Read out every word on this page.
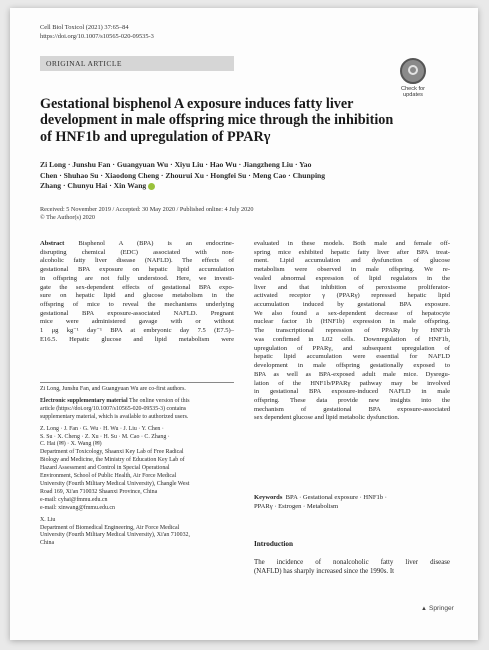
Cell Biol Toxicol (2021) 37:65–84
https://doi.org/10.1007/s10565-020-09535-3
ORIGINAL ARTICLE
Check for
updates
Gestational bisphenol A exposure induces fatty liver
development in male offspring mice through the inhibition
of HNF1b and upregulation of PPARγ
Zi Long · Junshu Fan · Guangyuan Wu · Xiyu Liu · Hao Wu · Jiangzheng Liu · Yao
Chen · Shuhao Su · Xiaodong Cheng · Zhourui Xu · Hongfei Su · Meng Cao · Chunping
Zhang · Chunyu Hai · Xin Wang
Received: 5 November 2019 / Accepted: 30 May 2020 / Published online: 4 July 2020
© The Author(s) 2020
Abstract Bisphenol A (BPA) is an endocrine-
disrupting chemical (EDC) associated with non-
alcoholic fatty liver disease (NAFLD). The effects of
gestational BPA exposure on hepatic lipid accumulation
in offspring are not fully understood. Here, we investi-
gate the sex-dependent effects of gestational BPA expo-
sure on hepatic lipid and glucose metabolism in the
offspring of mice to reveal the mechanisms underlying
gestational BPA exposure-associated NAFLD. Pregnant
mice were administered gavage with or without
1 μg kg⁻¹ day⁻¹ BPA at embryonic day 7.5 (E7.5)–
E16.5. Hepatic glucose and lipid metabolism were
evaluated in these models. Both male and female off-
spring mice exhibited hepatic fatty liver after BPA treat-
ment. Lipid accumulation and dysfunction of glucose
metabolism were observed in male offspring. We re-
vealed abnormal expression of lipid regulators in the
liver and that inhibition of peroxisome proliferator-
activated receptor γ (PPARγ) repressed hepatic lipid
accumulation induced by gestational BPA exposure.
We also found a sex-dependent decrease of hepatocyte
nuclear factor 1b (HNF1b) expression in male offspring.
The transcriptional repression of PPARγ by HNF1b
was confirmed in L02 cells. Downregulation of HNF1b,
upregulation of PPARγ, and subsequent upregulation of
hepatic lipid accumulation were essential for NAFLD
development in male offspring gestationally exposed to
BPA as well as BPA-exposed adult male mice. Dysregu-
lation of the HNF1b/PPARγ pathway may be involved
in gestational BPA exposure-induced NAFLD in male
offspring. These data provide new insights into the
mechanism of gestational BPA exposure-associated
sex dependent glucose and lipid metabolic dysfunction.
Zi Long, Junshu Fan, and Guangyuan Wu are co-first authors.
Electronic supplementary material The online version of this
article (https://doi.org/10.1007/s10565-020-09535-3) contains
supplementary material, which is available to authorized users.
Z. Long · J. Fan · G. Wu · H. Wu · J. Liu · Y. Chen ·
S. Su · X. Cheng · Z. Xu · H. Su · M. Cao · C. Zhang ·
C. Hai (✉) · X. Wang (✉)
Department of Toxicology, Shaanxi Key Lab of Free Radical
Biology and Medicine, the Ministry of Education Key Lab of
Hazard Assessment and Control in Special Operational
Environment, School of Public Health, Air Force Medical
University (Fourth Military Medical University), Changle West
Road 169, Xi'an 710032 Shaanxi Province, China
e-mail: cyhai@fmmu.edu.cn
e-mail: xinwang@fmmu.edu.cn
X. Liu
Department of Biomedical Engineering, Air Force Medical
University (Fourth Military Medical University), Xi'an 710032,
China
Keywords BPA · Gestational exposure · HNF1b ·
PPARγ · Estrogen · Metabolism
Introduction
The incidence of nonalcoholic fatty liver disease
(NAFLD) has sharply increased since the 1990s. It
▲ Springer
